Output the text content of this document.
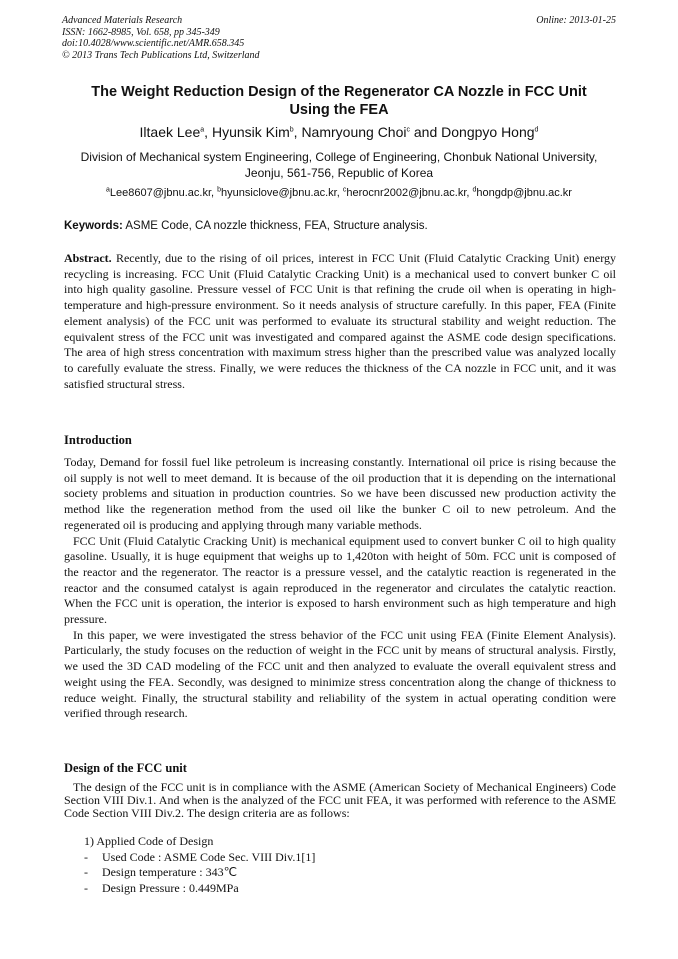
Advanced Materials Research
ISSN: 1662-8985, Vol. 658, pp 345-349
doi:10.4028/www.scientific.net/AMR.658.345
© 2013 Trans Tech Publications Ltd, Switzerland
Online: 2013-01-25
The Weight Reduction Design of the Regenerator CA Nozzle in FCC Unit
Using the FEA
Iltaek Lee$^a$, Hyunsik Kim$^b$, Namryoung Choi$^c$ and Dongpyo Hong$^d$
Division of Mechanical system Engineering, College of Engineering, Chonbuk National University,
Jeonju, 561-756, Republic of Korea
$^a$Lee8607@jbnu.ac.kr, $^b$hyunsiclove@jbnu.ac.kr, $^c$herocnr2002@jbnu.ac.kr, $^d$hongdp@jbnu.ac.kr
Keywords: ASME Code, CA nozzle thickness, FEA, Structure analysis.

Abstract. Recently, due to the rising of oil prices, interest in FCC Unit (Fluid Catalytic Cracking Unit) energy recycling is increasing. FCC Unit (Fluid Catalytic Cracking Unit) is a mechanical used to convert bunker C oil into high quality gasoline. Pressure vessel of FCC Unit is that refining the crude oil when is operating in high-temperature and high-pressure environment. So it needs analysis of structure carefully. In this paper, FEA (Finite element analysis) of the FCC unit was performed to evaluate its structural stability and weight reduction. The equivalent stress of the FCC unit was investigated and compared against the ASME code design specifications. The area of high stress concentration with maximum stress higher than the prescribed value was analyzed locally to carefully evaluate the stress. Finally, we were reduces the thickness of the CA nozzle in FCC unit, and it was satisfied structural stress.

Introduction
Today, Demand for fossil fuel like petroleum is increasing constantly. International oil price is rising because the oil supply is not well to meet demand. It is because of the oil production that it is depending on the international society problems and situation in production countries. So we have been discussed new production activity the method like the regeneration method from the used oil like the bunker C oil to new petroleum. And the regenerated oil is producing and applying through many variable methods.
FCC Unit (Fluid Catalytic Cracking Unit) is mechanical equipment used to convert bunker C oil to high quality gasoline. Usually, it is huge equipment that weighs up to 1,420ton with height of 50m. FCC unit is composed of the reactor and the regenerator. The reactor is a pressure vessel, and the catalytic reaction is regenerated in the reactor and the consumed catalyst is again reproduced in the regenerator and circulates the catalytic reaction. When the FCC unit is operation, the interior is exposed to harsh environment such as high temperature and high pressure.
In this paper, we were investigated the stress behavior of the FCC unit using FEA (Finite Element Analysis). Particularly, the study focuses on the reduction of weight in the FCC unit by means of structural analysis. Firstly, we used the 3D CAD modeling of the FCC unit and then analyzed to evaluate the overall equivalent stress and weight using the FEA. Secondly, was designed to minimize stress concentration along the change of thickness to reduce weight. Finally, the structural stability and reliability of the system in actual operating condition were verified through research.
Design of the FCC unit

The design of the FCC unit is in compliance with the ASME (American Society of Mechanical Engineers) Code Section VIII Div.1. And when is the analyzed of the FCC unit FEA, it was performed with reference to the ASME Code Section VIII Div.2. The design criteria are as follows:

1) Applied Code of Design
- Used Code : ASME Code Sec. VIII Div.1[1]
- Design temperature : 343℃
- Design Pressure : 0.449MPa
